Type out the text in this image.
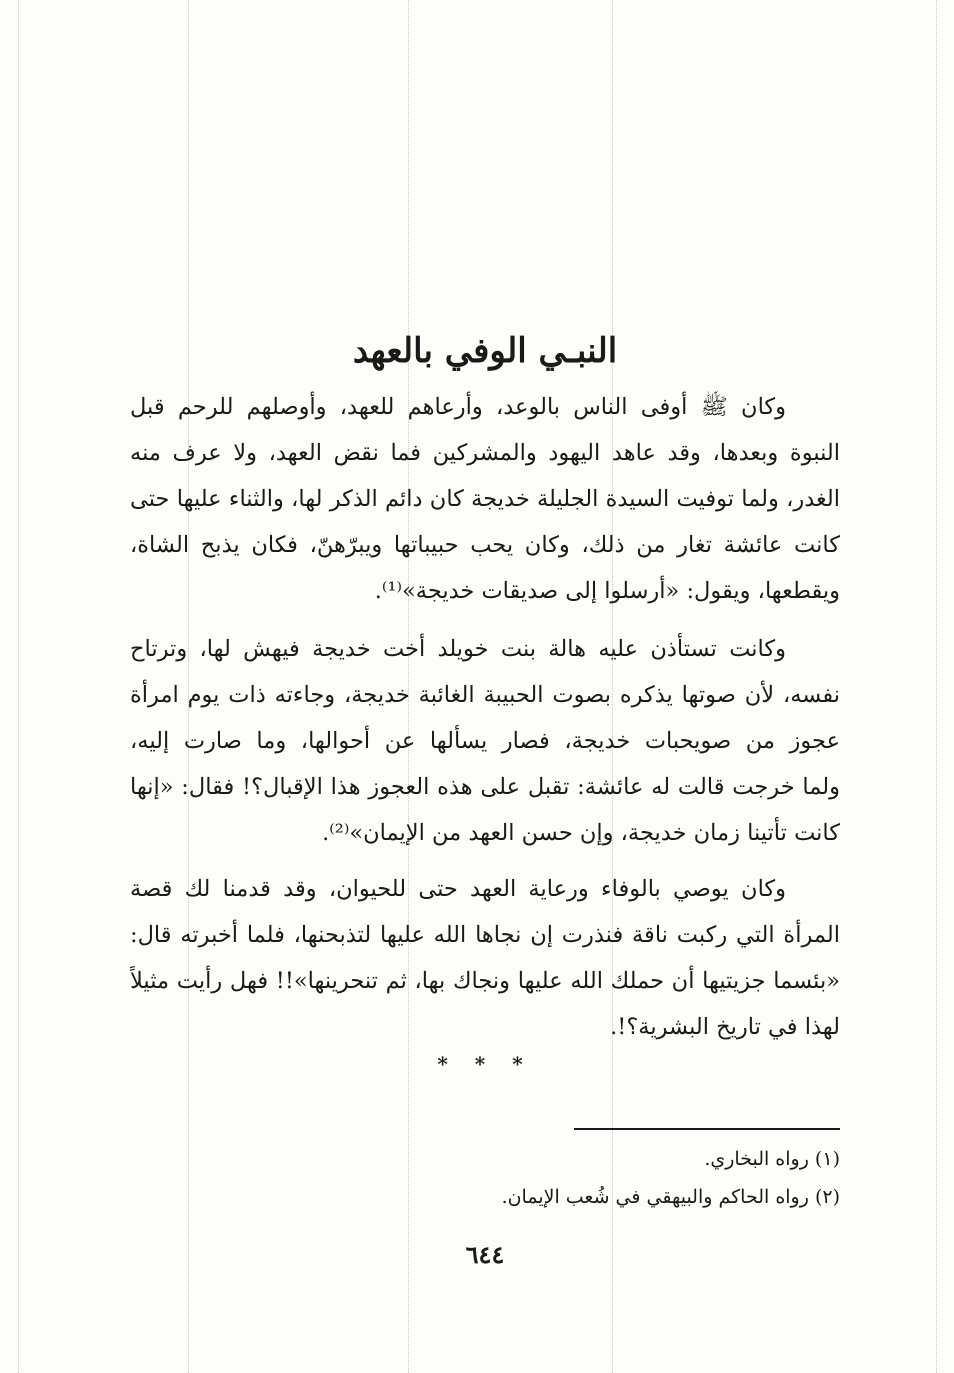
النبـي الوفي بالعهد
وكان ﷺ أوفى الناس بالوعد، وأرعاهم للعهد، وأوصلهم للرحم قبل
النبوة وبعدها، وقد عاهد اليهود والمشركين فما نقض العهد، ولا عرف منه
الغدر، ولما توفيت السيدة الجليلة خديجة كان دائم الذكر لها، والثناء عليها حتى
كانت عائشة تغار من ذلك، وكان يحب حبيباتها ويبرّهنّ، فكان يذبح الشاة،
ويقطعها، ويقول: «أرسلوا إلى صديقات خديجة»⁽¹⁾.
وكانت تستأذن عليه هالة بنت خويلد أخت خديجة فيهش لها، وترتاح
نفسه، لأن صوتها يذكره بصوت الحبيبة الغائبة خديجة، وجاءته ذات يوم امرأة
عجوز من صويحبات خديجة، فصار يسألها عن أحوالها، وما صارت إليه،
ولما خرجت قالت له عائشة: تقبل على هذه العجوز هذا الإقبال؟! فقال: «إنها
كانت تأتينا زمان خديجة، وإن حسن العهد من الإيمان»⁽²⁾.
وكان يوصي بالوفاء ورعاية العهد حتى للحيوان، وقد قدمنا لك قصة
المرأة التي ركبت ناقة فنذرت إن نجاها الله عليها لتذبحنها، فلما أخبرته قال:
«بئسما جزيتيها أن حملك الله عليها ونجاك بها، ثم تنحرينها»!! فهل رأيت مثيلاً
لهذا في تاريخ البشرية؟!.
* * *
(١) رواه البخاري.
(٢) رواه الحاكم والبيهقي في شُعب الإيمان.
٦٤٤
